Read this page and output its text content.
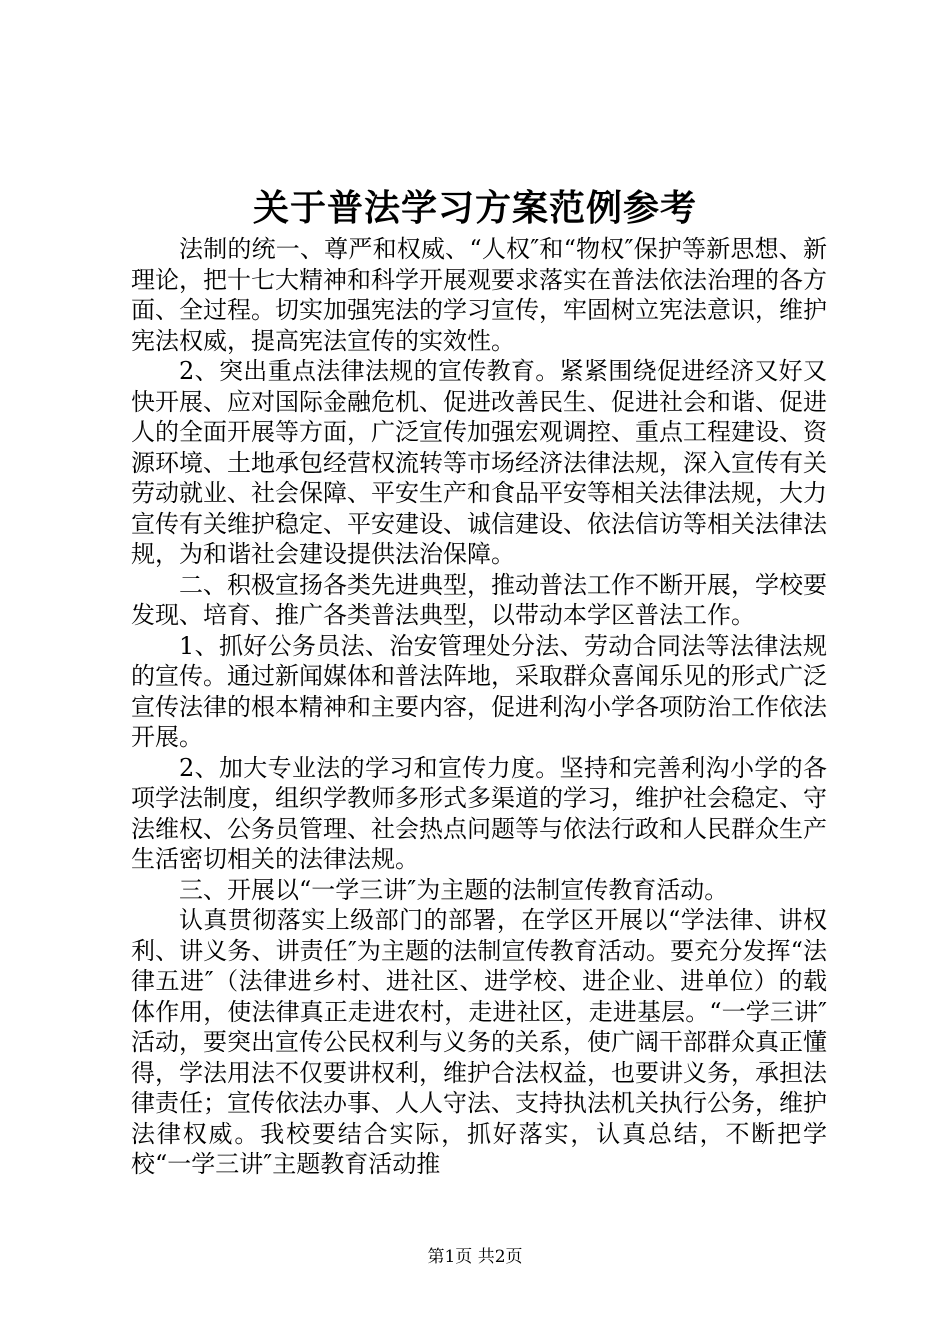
关于普法学习方案范例参考

法制的统一、尊严和权威、“人权″和“物权″保护等新思想、新理论，把十七大精神和科学开展观要求落实在普法依法治理的各方面、全过程。切实加强宪法的学习宣传，牢固树立宪法意识，维护宪法权威，提高宪法宣传的实效性。

2、突出重点法律法规的宣传教育。紧紧围绕促进经济又好又快开展、应对国际金融危机、促进改善民生、促进社会和谐、促进人的全面开展等方面，广泛宣传加强宏观调控、重点工程建设、资源环境、土地承包经营权流转等市场经济法律法规，深入宣传有关劳动就业、社会保障、平安生产和食品平安等相关法律法规，大力宣传有关维护稳定、平安建设、诚信建设、依法信访等相关法律法规，为和谐社会建设提供法治保障。

二、积极宣扬各类先进典型，推动普法工作不断开展，学校要发现、培育、推广各类普法典型，以带动本学区普法工作。

1、抓好公务员法、治安管理处分法、劳动合同法等法律法规的宣传。通过新闻媒体和普法阵地，采取群众喜闻乐见的形式广泛宣传法律的根本精神和主要内容，促进利沟小学各项防治工作依法开展。

2、加大专业法的学习和宣传力度。坚持和完善利沟小学的各项学法制度，组织学教师多形式多渠道的学习，维护社会稳定、守法维权、公务员管理、社会热点问题等与依法行政和人民群众生产生活密切相关的法律法规。

三、开展以“一学三讲″为主题的法制宣传教育活动。

认真贯彻落实上级部门的部署，在学区开展以“学法律、讲权利、讲义务、讲责任″为主题的法制宣传教育活动。要充分发挥“法律五进″（法律进乡村、进社区、进学校、进企业、进单位）的载体作用，使法律真正走进农村，走进社区，走进基层。“一学三讲″活动，要突出宣传公民权利与义务的关系，使广阔干部群众真正懂得，学法用法不仅要讲权利，维护合法权益，也要讲义务，承担法律责任；宣传依法办事、人人守法、支持执法机关执行公务，维护法律权威。我校要结合实际，抓好落实，认真总结，不断把学校“一学三讲″主题教育活动推

第1页 共2页
